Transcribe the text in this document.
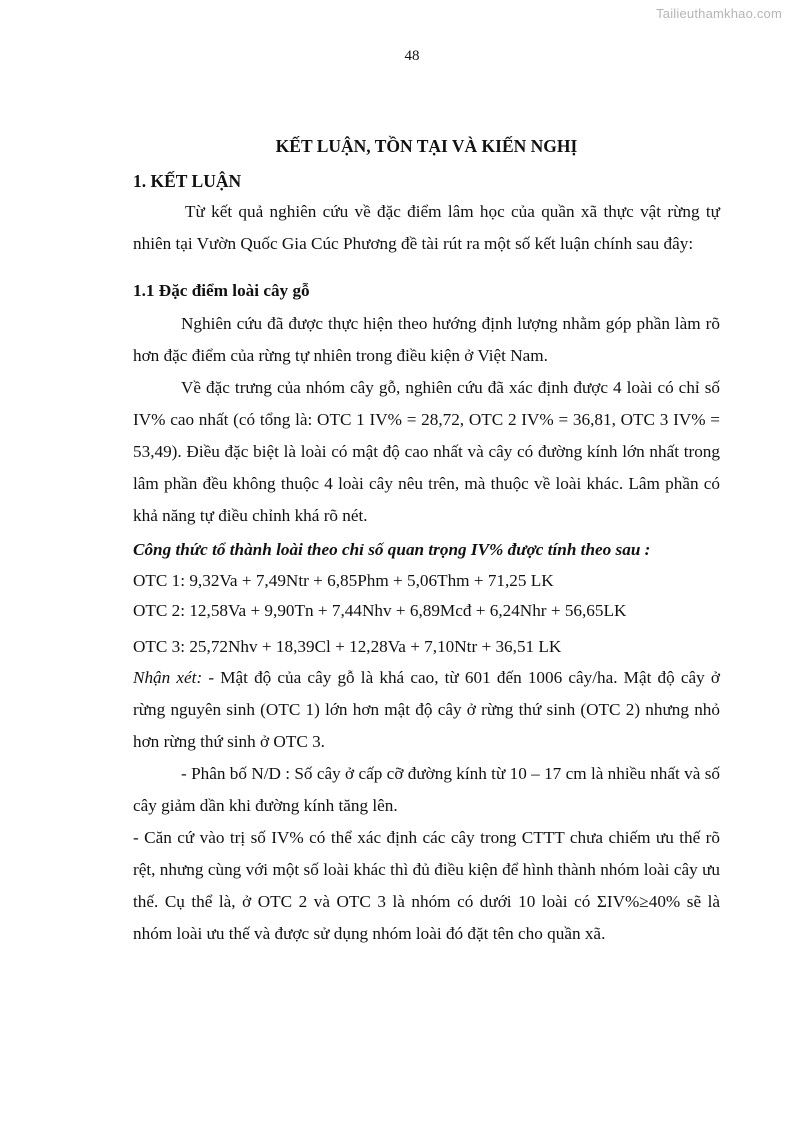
Tailieuthamkhao.com
48
KẾT LUẬN, TỒN TẠI VÀ KIẾN NGHỊ
1. KẾT LUẬN

Từ kết quả nghiên cứu về đặc điểm lâm học của quần xã thực vật rừng tự nhiên tại Vườn Quốc Gia Cúc Phương đề tài rút ra một số kết luận chính sau đây:

1.1 Đặc điểm loài cây gỗ

Nghiên cứu đã được thực hiện theo hướng định lượng nhằm góp phần làm rõ hơn đặc điểm của rừng tự nhiên trong điều kiện ở Việt Nam.

Về đặc trưng của nhóm cây gỗ, nghiên cứu đã xác định được 4 loài có chỉ số IV% cao nhất (có tổng là: OTC 1 IV% = 28,72, OTC 2 IV% = 36,81, OTC 3 IV% = 53,49). Điều đặc biệt là loài có mật độ cao nhất và cây có đường kính lớn nhất trong lâm phần đều không thuộc 4 loài cây nêu trên, mà thuộc về loài khác. Lâm phần có khả năng tự điều chỉnh khá rõ nét.

Công thức tổ thành loài theo chỉ số quan trọng IV% được tính theo sau :

OTC 1: 9,32Va + 7,49Ntr + 6,85Phm + 5,06Thm + 71,25 LK

OTC 2: 12,58Va + 9,90Tn + 7,44Nhv + 6,89Mcđ + 6,24Nhr + 56,65LK

OTC 3: 25,72Nhv + 18,39Cl + 12,28Va + 7,10Ntr + 36,51 LK

Nhận xét: - Mật độ của cây gỗ là khá cao, từ 601 đến 1006 cây/ha. Mật độ cây ở rừng nguyên sinh (OTC 1) lớn hơn mật độ cây ở rừng thứ sinh (OTC 2) nhưng nhỏ hơn rừng thứ sinh ở OTC 3.

- Phân bố N/D : Số cây ở cấp cỡ đường kính từ 10 – 17 cm là nhiều nhất và số cây giảm dần khi đường kính tăng lên.

- Căn cứ vào trị số IV% có thể xác định các cây trong CTTT chưa chiếm ưu thế rõ rệt, nhưng cùng với một số loài khác thì đủ điều kiện để hình thành nhóm loài cây ưu thế. Cụ thể là, ở OTC 2 và OTC 3 là nhóm có dưới 10 loài có ΣIV%≥40% sẽ là nhóm loài ưu thế và được sử dụng nhóm loài đó đặt tên cho quần xã.
